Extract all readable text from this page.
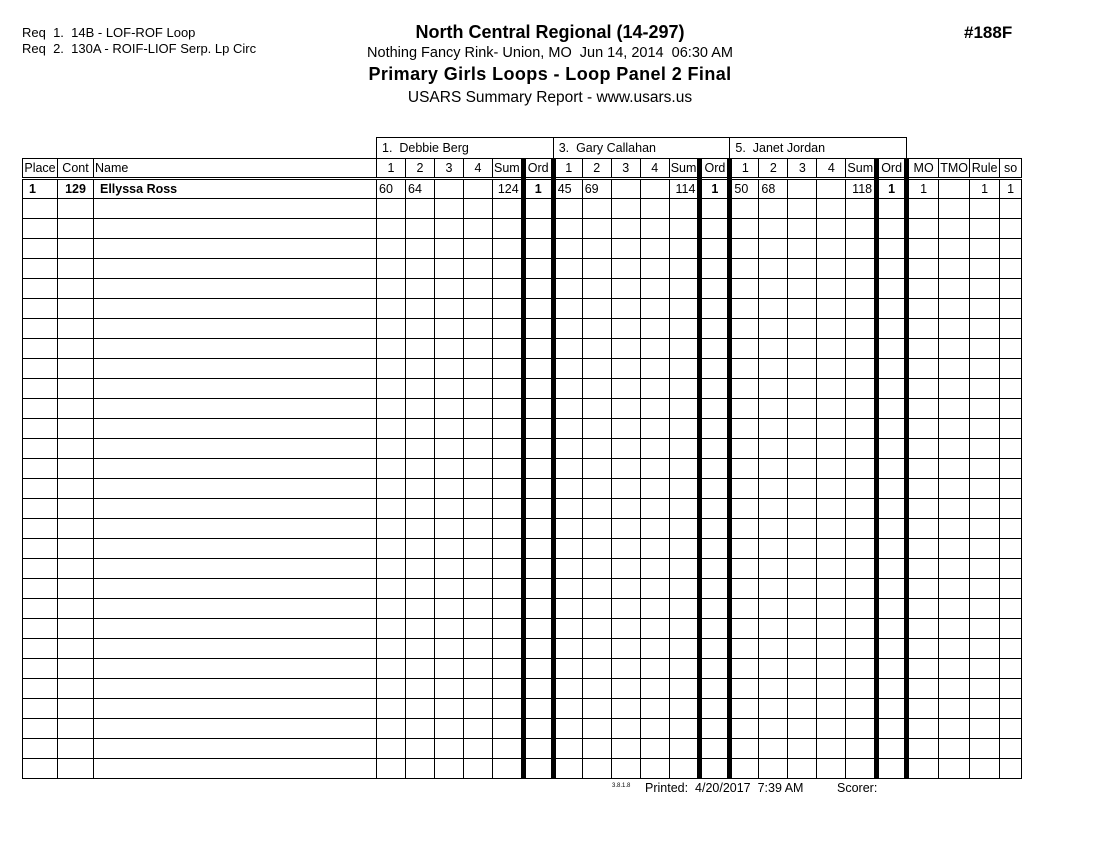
Req  1.  14B - LOF-ROF Loop
Req  2.  130A - ROIF-LIOF Serp. Lp Circ
#188F
North Central Regional (14-297)
Nothing Fancy Rink- Union, MO  Jun 14, 2014  06:30 AM
Primary Girls Loops - Loop Panel 2 Final
USARS Summary Report - www.usars.us
			1.  Debbie Berg						3.  Gary Callahan						5.  Janet Jordan									
Place	Cont	Name	1	2	3	4	Sum	Ord	1	2	3	4	Sum	Ord	1	2	3	4	Sum	Ord	MO	TMO	Rule	so
1	129	Ellyssa Ross	60	64			124	1	45	69			114	1	50	68			118	1	1		1	1

3.8.1.8 Printed:  4/20/2017  7:39 AM	Scorer:
